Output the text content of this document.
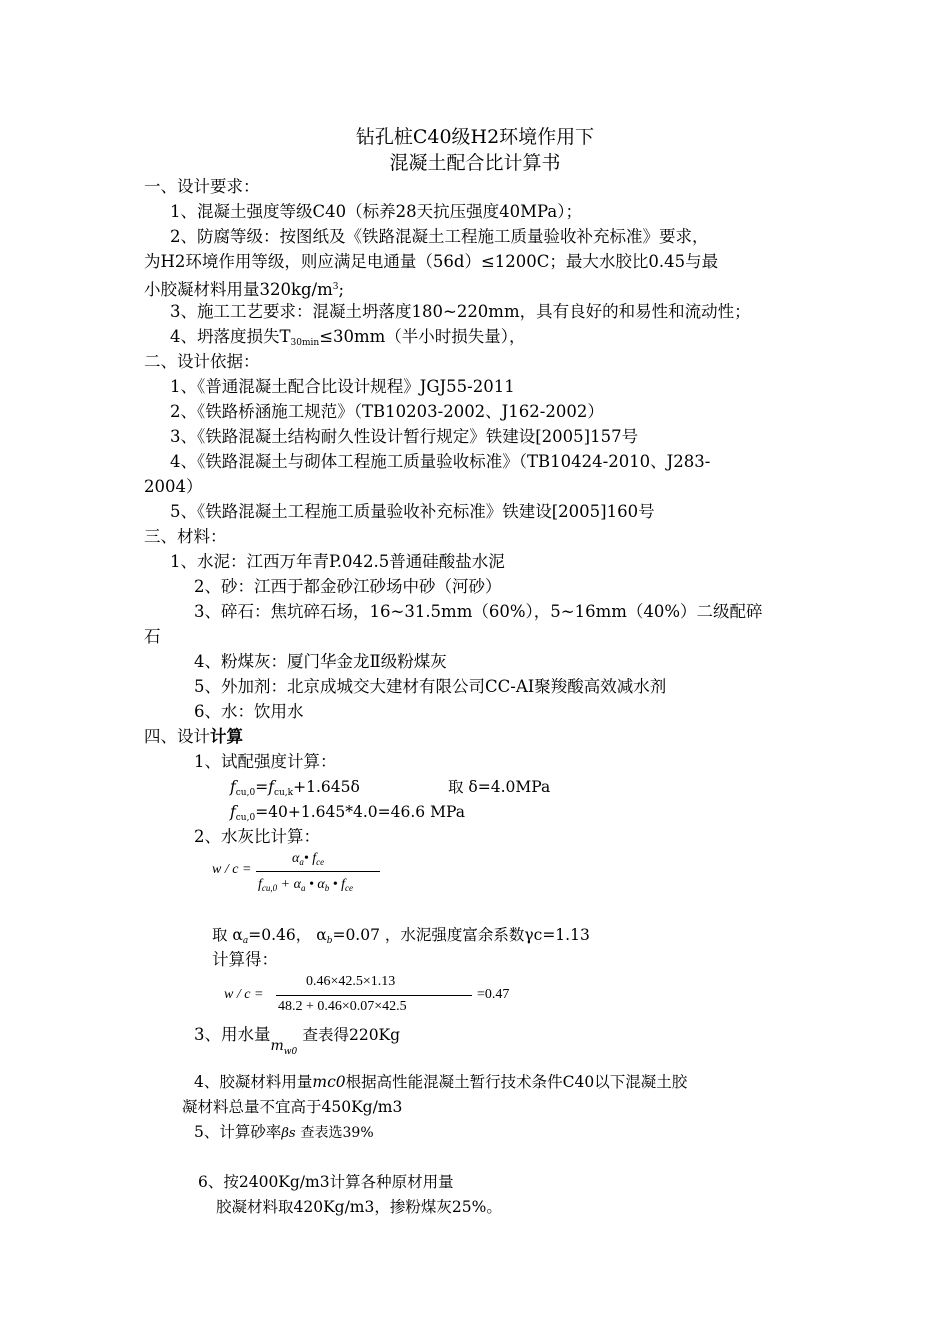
钻孔桩C40级H2环境作用下
混凝土配合比计算书
一、设计要求：
1、混凝土强度等级C40（标养28天抗压强度40MPa）；
2、防腐等级：按图纸及《铁路混凝土工程施工质量验收补充标准》要求，
为H2环境作用等级，则应满足电通量（56d）≤1200C；最大水胶比0.45与最
小胶凝材料用量$320kg/m^3$;
3、施工工艺要求：混凝土坍落度180~220mm，具有良好的和易性和流动性；
4、坍落度损失$T_{30min}\le 30mm$（半小时损失量），
二、设计依据：
1、《普通混凝土配合比设计规程》JGJ55-2011
2、《铁路桥涵施工规范》（TB10203-2002、J162-2002）
3、《铁路混凝土结构耐久性设计暂行规定》铁建设[2005]157号
4、《铁路混凝土与砌体工程施工质量验收标准》（TB10424-2010、J283-
2004）
5、《铁路混凝土工程施工质量验收补充标准》铁建设[2005]160号
三、材料：
1、水泥：江西万年青P.042.5普通硅酸盐水泥
2、砂：江西于都金砂江砂场中砂（河砂）
3、碎石：焦坑碎石场，16~31.5mm（60%），5~16mm（40%）二级配碎
石
4、粉煤灰：厦门华金龙Ⅱ级粉煤灰
5、外加剂：北京成城交大建材有限公司CC-AI聚羧酸高效减水剂
6、水：饮用水
四、设计计算
1、试配强度计算：
$f_{cu,0}=f_{cu,k}+1.645\delta$	取 δ=4.0MPa
$f_{cu,0}=40+1.645*4.0=46.6$ MPa
2、水灰比计算：
w / c =
$\alpha_a•$ $f_{ce}$
$f_{cu,0} + \alpha_a$ • $\alpha_b$ • $f_{ce}$
取 $\alpha_a=0.46$， $\alpha_b=0.07$ ，水泥强度富余系数γc=1.13
计算得：
w / c =
0.46×42.5×1.13
48.2 + 0.46×0.07×42.5
=0.47
3、用水量$_{mw0}$ 查表得220Kg
4、胶凝材料用量mc0根据高性能混凝土暂行技术条件C40以下混凝土胶
凝材料总量不宜高于450Kg/m3
5、计算砂率βs 查表选39%
6、按2400Kg/m3计算各种原材用量
胶凝材料取420Kg/m3，掺粉煤灰25%。
